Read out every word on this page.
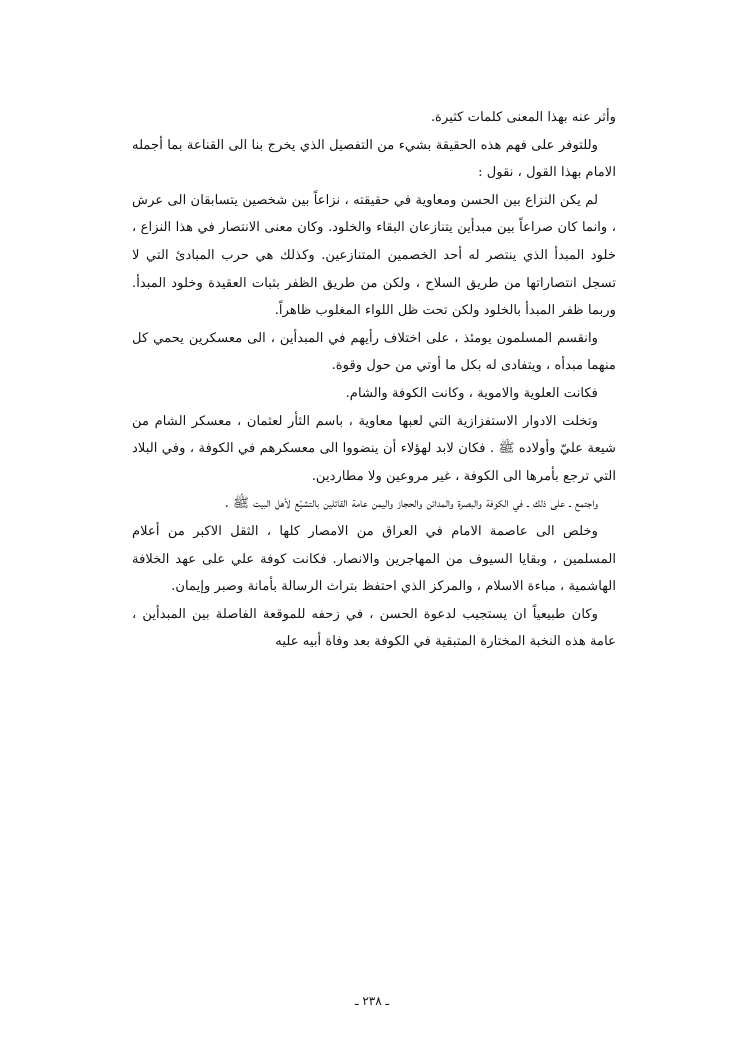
وأثر عنه بهذا المعنى كلمات كثيرة.

وللتوفر على فهم هذه الحقيقة بشيء من التفصيل الذي يخرج بنا الى القناعة بما أجمله الامام بهذا القول ، نقول :

لم يكن النزاع بين الحسن ومعاوية في حقيقته ، نزاعاً بين شخصين يتسابقان الى عرش ، وانما كان صراعاً بين مبدأين يتنازعان البقاء والخلود. وكان معنى الانتصار في هذا النزاع ، خلود المبدأ الذي ينتصر له أحد الخصمين المتنازعين. وكذلك هي حرب المبادئ التي لا تسجل انتصاراتها من طريق السلاح ، ولكن من طريق الظفر بثبات العقيدة وخلود المبدأ. وربما ظفر المبدأ بالخلود ولكن تحت ظل اللواء المغلوب ظاهراً.

وانقسم المسلمون يومئذ ، على اختلاف رأيهم في المبدأين ، الى معسكرين يحمي كل منهما مبدأه ، ويتفادى له بكل ما أوتي من حول وقوة.

فكانت العلوية والاموية ، وكانت الكوفة والشام.

وتخلت الادوار الاستفزازية التي لعبها معاوية ، باسم الثأر لعثمان ، معسكر الشام من شيعة عليّ وأولاده ﷺ . فكان لابد لهؤلاء أن ينضووا الى معسكرهم في الكوفة ، وفي البلاد التي ترجع بأمرها الى الكوفة ، غير مروعين ولا مطاردين.

واجتمع ـ على ذلك ـ في الكوفة والبصرة والمدائن والحجاز واليمن عامة القائلين بالتشيّع لأهل البيت ﷺ .

وخلص الى عاصمة الامام في العراق من الامصار كلها ، الثقل الاكبر من أعلام المسلمين ، وبقايا السيوف من المهاجرين والانصار. فكانت كوفة علي على عهد الخلافة الهاشمية ، مباءة الاسلام ، والمركز الذي احتفظ بتراث الرسالة بأمانة وصبر وإيمان.

وكان طبيعياً ان يستجيب لدعوة الحسن ، في زحفه للموقعة الفاصلة بين المبدأين ، عامة هذه النخبة المختارة المتبقية في الكوفة بعد وفاة أبيه عليه

ـ ٢٣٨ ـ
